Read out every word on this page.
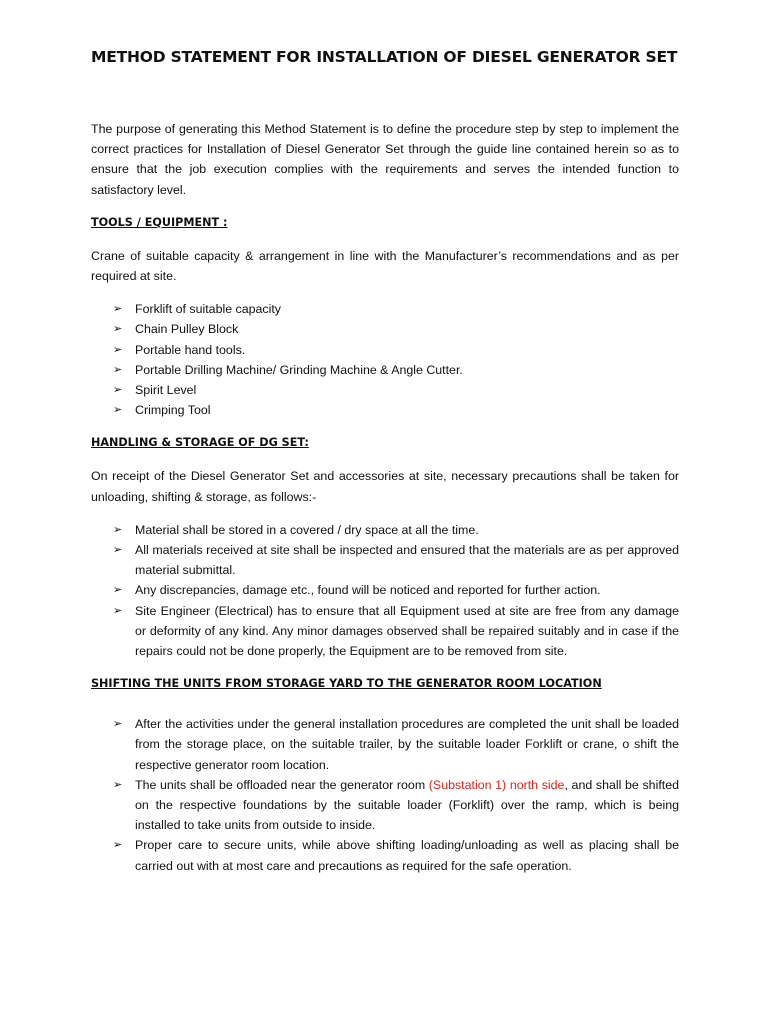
METHOD STATEMENT FOR INSTALLATION OF DIESEL GENERATOR SET

The purpose of generating this Method Statement is to define the procedure step by step to implement the correct practices for Installation of Diesel Generator Set through the guide line contained herein so as to ensure that the job execution complies with the requirements and serves the intended function to satisfactory level.

TOOLS / EQUIPMENT :

Crane of suitable capacity & arrangement in line with the Manufacturer’s recommendations and as per required at site.

➢ Forklift of suitable capacity
➢ Chain Pulley Block
➢ Portable hand tools.
➢ Portable Drilling Machine/ Grinding Machine & Angle Cutter.
➢ Spirit Level
➢ Crimping Tool
HANDLING & STORAGE OF DG SET:

On receipt of the Diesel Generator Set and accessories at site, necessary precautions shall be taken for unloading, shifting & storage, as follows:-

➢ Material shall be stored in a covered / dry space at all the time.
➢ All materials received at site shall be inspected and ensured that the materials are as per approved material submittal.
➢ Any discrepancies, damage etc., found will be noticed and reported for further action.
➢ Site Engineer (Electrical) has to ensure that all Equipment used at site are free from any damage or deformity of any kind. Any minor damages observed shall be repaired suitably and in case if the repairs could not be done properly, the Equipment are to be removed from site.
SHIFTING THE UNITS FROM STORAGE YARD TO THE GENERATOR ROOM LOCATION
➢ After the activities under the general installation procedures are completed the unit shall be loaded from the storage place, on the suitable trailer, by the suitable loader Forklift or crane, o shift the respective generator room location.
➢ The units shall be offloaded near the generator room (Substation 1) north side, and shall be shifted on the respective foundations by the suitable loader (Forklift) over the ramp, which is being installed to take units from outside to inside.
➢ Proper care to secure units, while above shifting loading/unloading as well as placing shall be carried out with at most care and precautions as required for the safe operation.
